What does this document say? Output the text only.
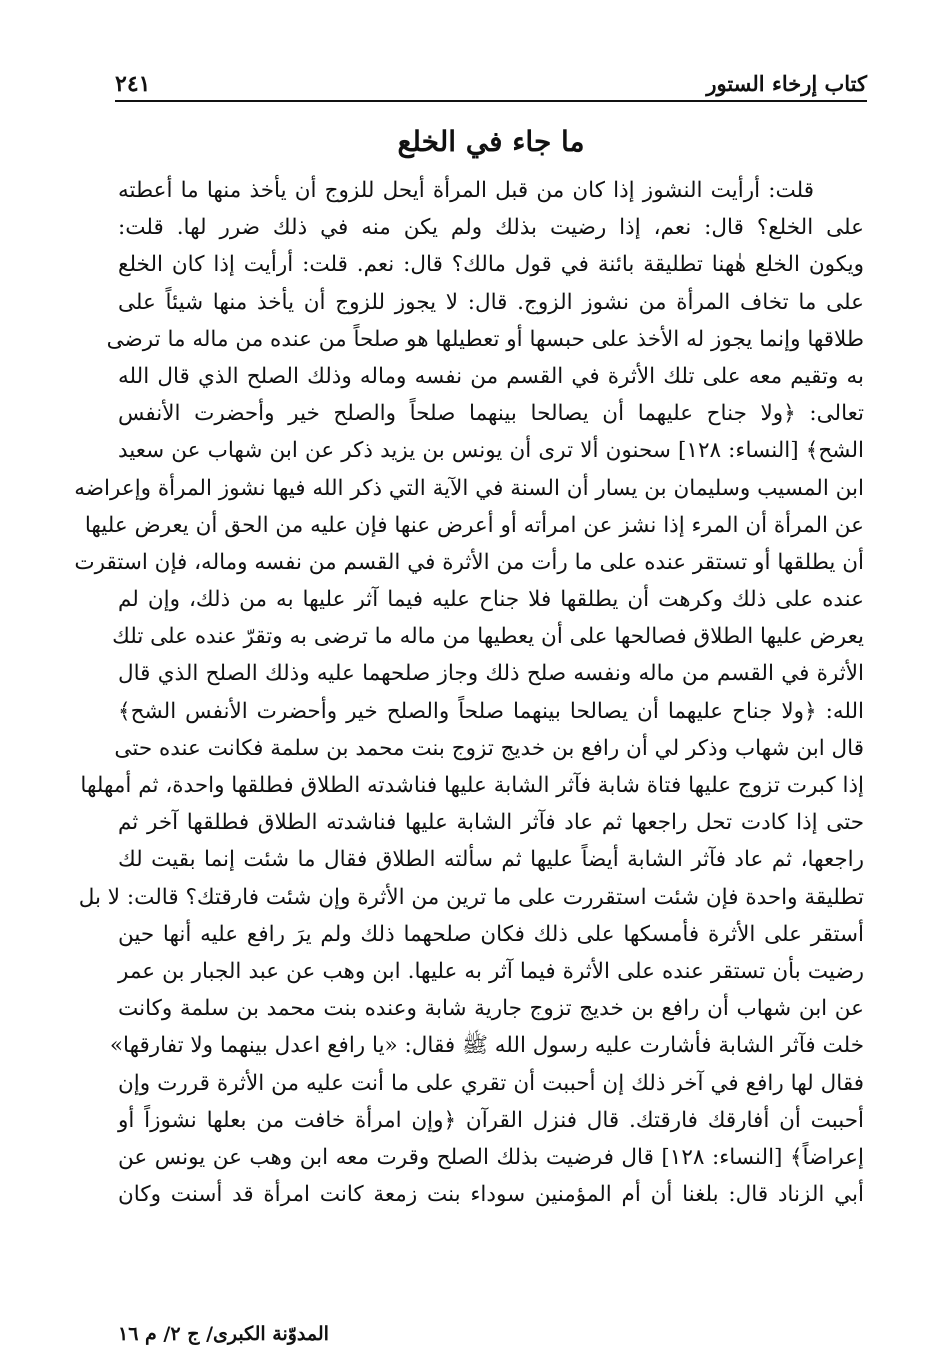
كتاب إرخاء الستور
٢٤١
ما جاء في الخلع
قلت: أرأيت النشوز إذا كان من قبل المرأة أيحل للزوج أن يأخذ منها ما أعطته
على الخلع؟ قال: نعم، إذا رضيت بذلك ولم يكن منه في ذلك ضرر لها. قلت:
ويكون الخلع هٰهنا تطليقة بائنة في قول مالك؟ قال: نعم. قلت: أرأيت إذا كان الخلع
على ما تخاف المرأة من نشوز الزوج. قال: لا يجوز للزوج أن يأخذ منها شيئاً على
طلاقها وإنما يجوز له الأخذ على حبسها أو تعطيلها هو صلحاً من عنده من ماله ما ترضى
به وتقيم معه على تلك الأثرة في القسم من نفسه وماله وذلك الصلح الذي قال الله
تعالى: ﴿ولا جناح عليهما أن يصالحا بينهما صلحاً والصلح خير وأحضرت الأنفس
الشح﴾ [النساء: ١٢٨] سحنون ألا ترى أن يونس بن يزيد ذكر عن ابن شهاب عن سعيد
ابن المسيب وسليمان بن يسار أن السنة في الآية التي ذكر الله فيها نشوز المرأة وإعراضه
عن المرأة أن المرء إذا نشز عن امرأته أو أعرض عنها فإن عليه من الحق أن يعرض عليها
أن يطلقها أو تستقر عنده على ما رأت من الأثرة في القسم من نفسه وماله، فإن استقرت
عنده على ذلك وكرهت أن يطلقها فلا جناح عليه فيما آثر عليها به من ذلك، وإن لم
يعرض عليها الطلاق فصالحها على أن يعطيها من ماله ما ترضى به وتقرّ عنده على تلك
الأثرة في القسم من ماله ونفسه صلح ذلك وجاز صلحهما عليه وذلك الصلح الذي قال
الله: ﴿ولا جناح عليهما أن يصالحا بينهما صلحاً والصلح خير وأحضرت الأنفس الشح﴾
قال ابن شهاب وذكر لي أن رافع بن خديج تزوج بنت محمد بن سلمة فكانت عنده حتى
إذا كبرت تزوج عليها فتاة شابة فآثر الشابة عليها فناشدته الطلاق فطلقها واحدة، ثم أمهلها
حتى إذا كادت تحل راجعها ثم عاد فآثر الشابة عليها فناشدته الطلاق فطلقها آخر ثم
راجعها، ثم عاد فآثر الشابة أيضاً عليها ثم سألته الطلاق فقال ما شئت إنما بقيت لك
تطليقة واحدة فإن شئت استقررت على ما ترين من الأثرة وإن شئت فارقتك؟ قالت: لا بل
أستقر على الأثرة فأمسكها على ذلك فكان صلحهما ذلك ولم يرَ رافع عليه أنها حين
رضيت بأن تستقر عنده على الأثرة فيما آثر به عليها. ابن وهب عن عبد الجبار بن عمر
عن ابن شهاب أن رافع بن خديج تزوج جارية شابة وعنده بنت محمد بن سلمة وكانت
خلت فآثر الشابة فأشارت عليه رسول الله ﷺ فقال: «يا رافع اعدل بينهما ولا تفارقها»
فقال لها رافع في آخر ذلك إن أحببت أن تقري على ما أنت عليه من الأثرة قررت وإن
أحببت أن أفارقك فارقتك. قال فنزل القرآن ﴿وإن امرأة خافت من بعلها نشوزاً أو
إعراضاً﴾ [النساء: ١٢٨] قال فرضيت بذلك الصلح وقرت معه ابن وهب عن يونس عن
أبي الزناد قال: بلغنا أن أم المؤمنين سوداء بنت زمعة كانت امرأة قد أسنت وكان
المدوّنة الكبرى/ ج ٢/ م ١٦
